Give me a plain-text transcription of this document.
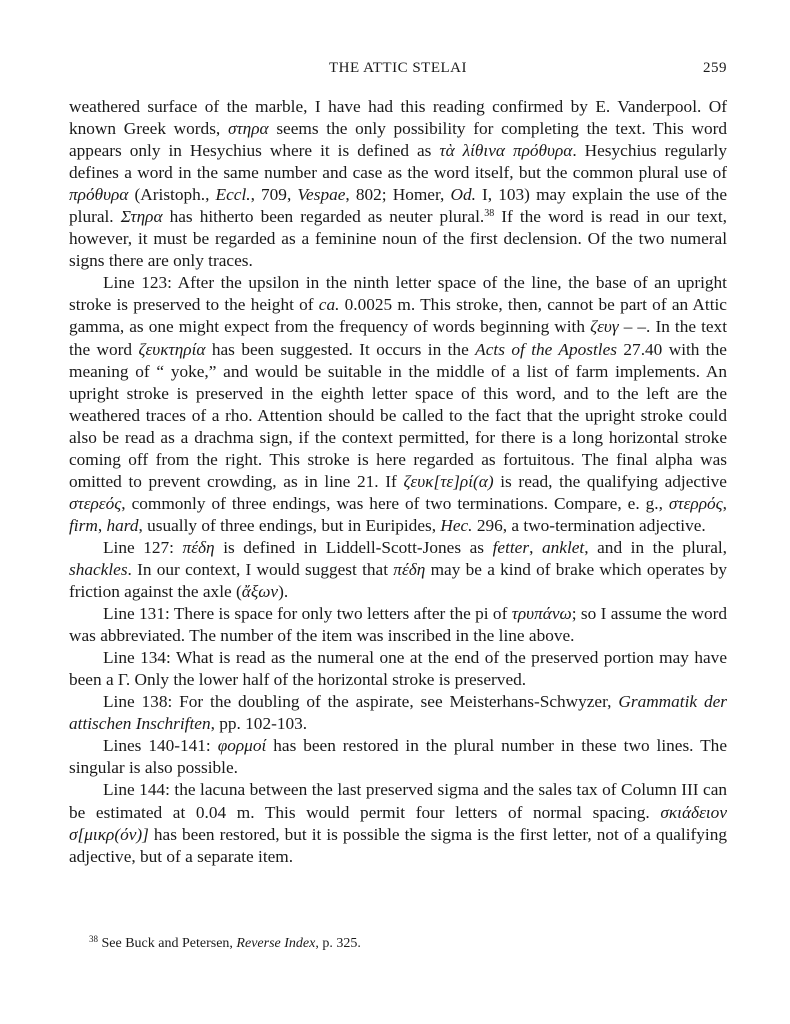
THE ATTIC STELAI	259

weathered surface of the marble, I have had this reading confirmed by E. Vanderpool. Of known Greek words, στηρα seems the only possibility for completing the text. This word appears only in Hesychius where it is defined as τὰ λίθινα πρόθυρα. Hesychius regularly defines a word in the same number and case as the word itself, but the common plural use of πρόθυρα (Aristoph., Eccl., 709, Vespae, 802; Homer, Od. I, 103) may explain the use of the plural. Στηρα has hitherto been regarded as neuter plural.$^{38}$ If the word is read in our text, however, it must be regarded as a feminine noun of the first declension. Of the two numeral signs there are only traces.

Line 123: After the upsilon in the ninth letter space of the line, the base of an upright stroke is preserved to the height of ca. 0.0025 m. This stroke, then, cannot be part of an Attic gamma, as one might expect from the frequency of words beginning with ζευγ – –. In the text the word ζευκτηρία has been suggested. It occurs in the Acts of the Apostles 27.40 with the meaning of “ yoke,” and would be suitable in the middle of a list of farm implements. An upright stroke is preserved in the eighth letter space of this word, and to the left are the weathered traces of a rho. Attention should be called to the fact that the upright stroke could also be read as a drachma sign, if the context permitted, for there is a long horizontal stroke coming off from the right. This stroke is here regarded as fortuitous. The final alpha was omitted to prevent crowding, as in line 21. If ζευκ[τε]ρί(α) is read, the qualifying adjective στερεός, commonly of three endings, was here of two terminations. Compare, e. g., στερρός, firm, hard, usually of three endings, but in Euripides, Hec. 296, a two-termination adjective.

Line 127: πέδη is defined in Liddell-Scott-Jones as fetter, anklet, and in the plural, shackles. In our context, I would suggest that πέδη may be a kind of brake which operates by friction against the axle (ἄξων).

Line 131: There is space for only two letters after the pi of τρυπάνω; so I assume the word was abbreviated. The number of the item was inscribed in the line above.

Line 134: What is read as the numeral one at the end of the preserved portion may have been a Γ. Only the lower half of the horizontal stroke is preserved.

Line 138: For the doubling of the aspirate, see Meisterhans-Schwyzer, Grammatik der attischen Inschriften, pp. 102-103.

Lines 140-141: φορμοί has been restored in the plural number in these two lines. The singular is also possible.

Line 144: the lacuna between the last preserved sigma and the sales tax of Column III can be estimated at 0.04 m. This would permit four letters of normal spacing. σκιάδειον σ[μικρ(όν)] has been restored, but it is possible the sigma is the first letter, not of a qualifying adjective, but of a separate item.

$^{38}$ See Buck and Petersen, Reverse Index, p. 325.
